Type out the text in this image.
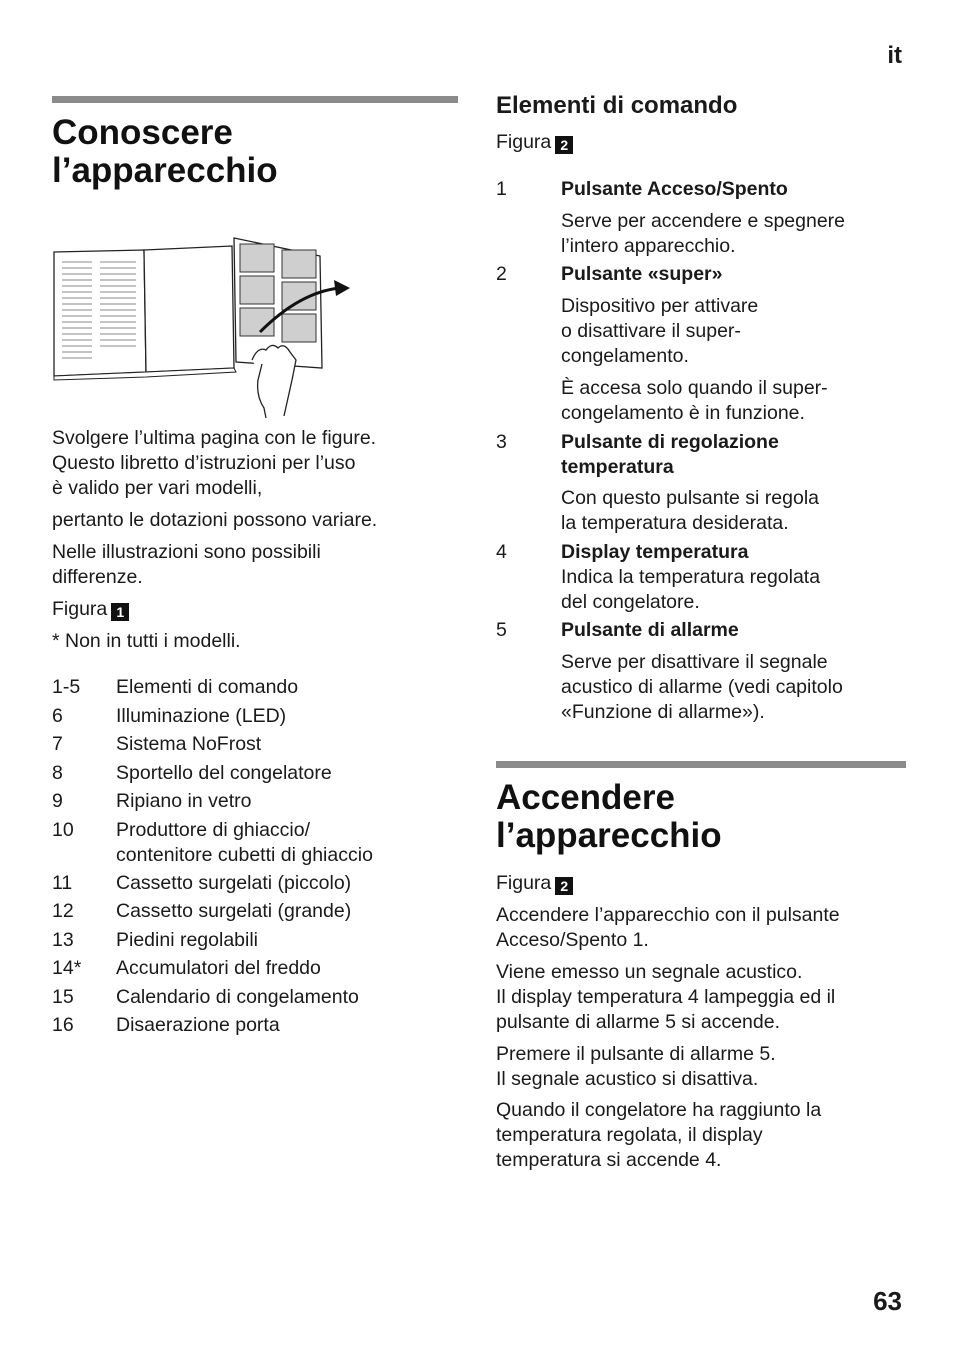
it
63
Conoscere
l’apparecchio

Svolgere l’ultima pagina con le figure.

Questo libretto d’istruzioni per l’uso

è valido per vari modelli,

pertanto le dotazioni possono variare.

Nelle illustrazioni sono possibili

differenze.

Figura 1

* Non in tutti i modelli.

1-5	Elementi di comando
6	Illuminazione (LED)
7	Sistema NoFrost
8	Sportello del congelatore
9	Ripiano in vetro
10	Produttore di ghiaccio/
contenitore cubetti di ghiaccio
11	Cassetto surgelati (piccolo)
12	Cassetto surgelati (grande)
13	Piedini regolabili
14*	Accumulatori del freddo
15	Calendario di congelamento
16	Disaerazione porta
Elementi di comando
Figura 2
1	Pulsante Acceso/Spento
Serve per accendere e spegnere
l’intero apparecchio.
2	Pulsante «super»
Dispositivo per attivare
o disattivare il super-
congelamento.
È accesa solo quando il super-
congelamento è in funzione.
3	Pulsante di regolazione
temperatura
Con questo pulsante si regola
la temperatura desiderata.
4	Display temperatura
Indica la temperatura regolata
del congelatore.
5	Pulsante di allarme
Serve per disattivare il segnale
acustico di allarme (vedi capitolo
«Funzione di allarme»).
Accendere
l’apparecchio
Figura 2

Accendere l’apparecchio con il pulsante

Acceso/Spento 1.

Viene emesso un segnale acustico.

Il display temperatura 4 lampeggia ed il

pulsante di allarme 5 si accende.

Premere il pulsante di allarme 5.

Il segnale acustico si disattiva.

Quando il congelatore ha raggiunto la

temperatura regolata, il display

temperatura si accende 4.
